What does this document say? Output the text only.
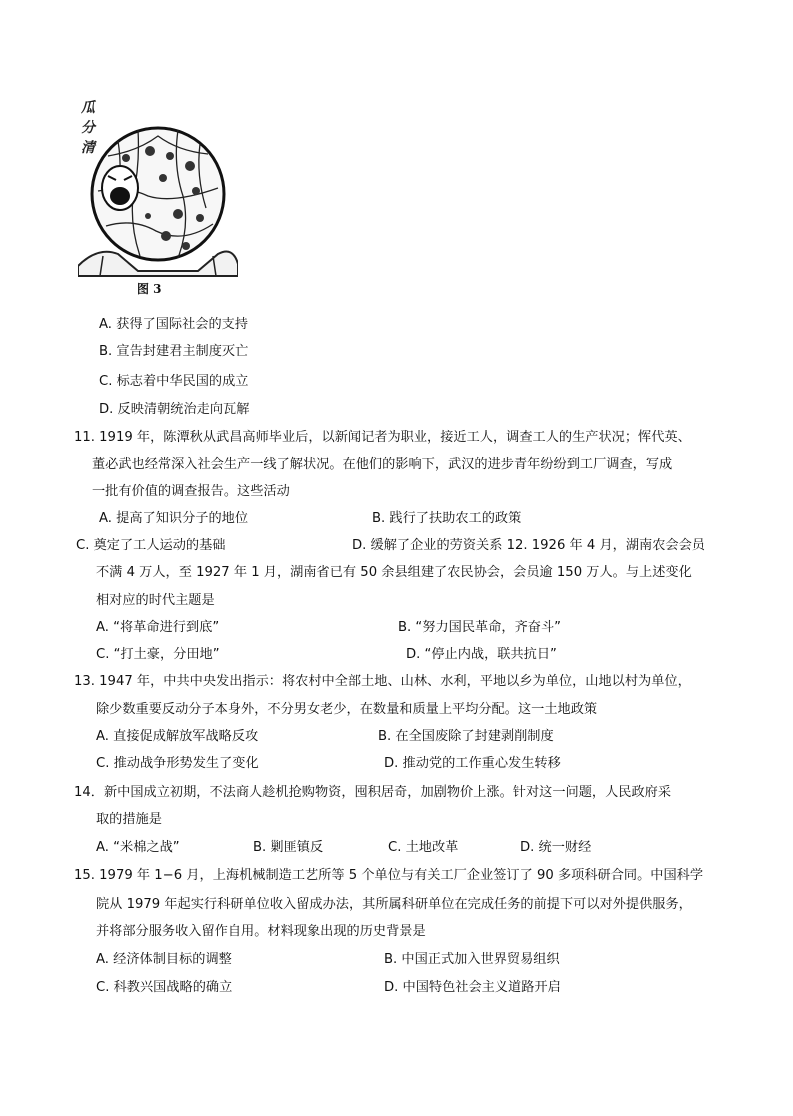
瓜
分
清
图 3
A. 获得了国际社会的支持
B. 宣告封建君主制度灭亡
C. 标志着中华民国的成立
D. 反映清朝统治走向瓦解
11. 1919 年，陈潭秋从武昌高师毕业后，以新闻记者为职业，接近工人，调查工人的生产状况；恽代英、
董必武也经常深入社会生产一线了解状况。在他们的影响下，武汉的进步青年纷纷到工厂调查，写成
一批有价值的调查报告。这些活动
A. 提高了知识分子的地位	B. 践行了扶助农工的政策
C. 奠定了工人运动的基础	D. 缓解了企业的劳资关系 12. 1926 年 4 月，湖南农会会员
不满 4 万人，至 1927 年 1 月，湖南省已有 50 余县组建了农民协会，会员逾 150 万人。与上述变化
相对应的时代主题是
A. “将革命进行到底”	B. “努力国民革命，齐奋斗”
C. “打土豪，分田地”	D. “停止内战，联共抗日”
13. 1947 年，中共中央发出指示：将农村中全部土地、山林、水利，平地以乡为单位，山地以村为单位，
除少数重要反动分子本身外，不分男女老少，在数量和质量上平均分配。这一土地政策
A. 直接促成解放军战略反攻	B. 在全国废除了封建剥削制度
C. 推动战争形势发生了变化	D. 推动党的工作重心发生转移
14．新中国成立初期，不法商人趁机抢购物资，囤积居奇，加剧物价上涨。针对这一问题，人民政府采
取的措施是
A. “米棉之战”	B. 剿匪镇反	C. 土地改革	D. 统一财经
15. 1979 年 1−6 月，上海机械制造工艺所等 5 个单位与有关工厂企业签订了 90 多项科研合同。中国科学
院从 1979 年起实行科研单位收入留成办法，其所属科研单位在完成任务的前提下可以对外提供服务，
并将部分服务收入留作自用。材料现象出现的历史背景是
A. 经济体制目标的调整	B. 中国正式加入世界贸易组织
C. 科教兴国战略的确立	D. 中国特色社会主义道路开启
